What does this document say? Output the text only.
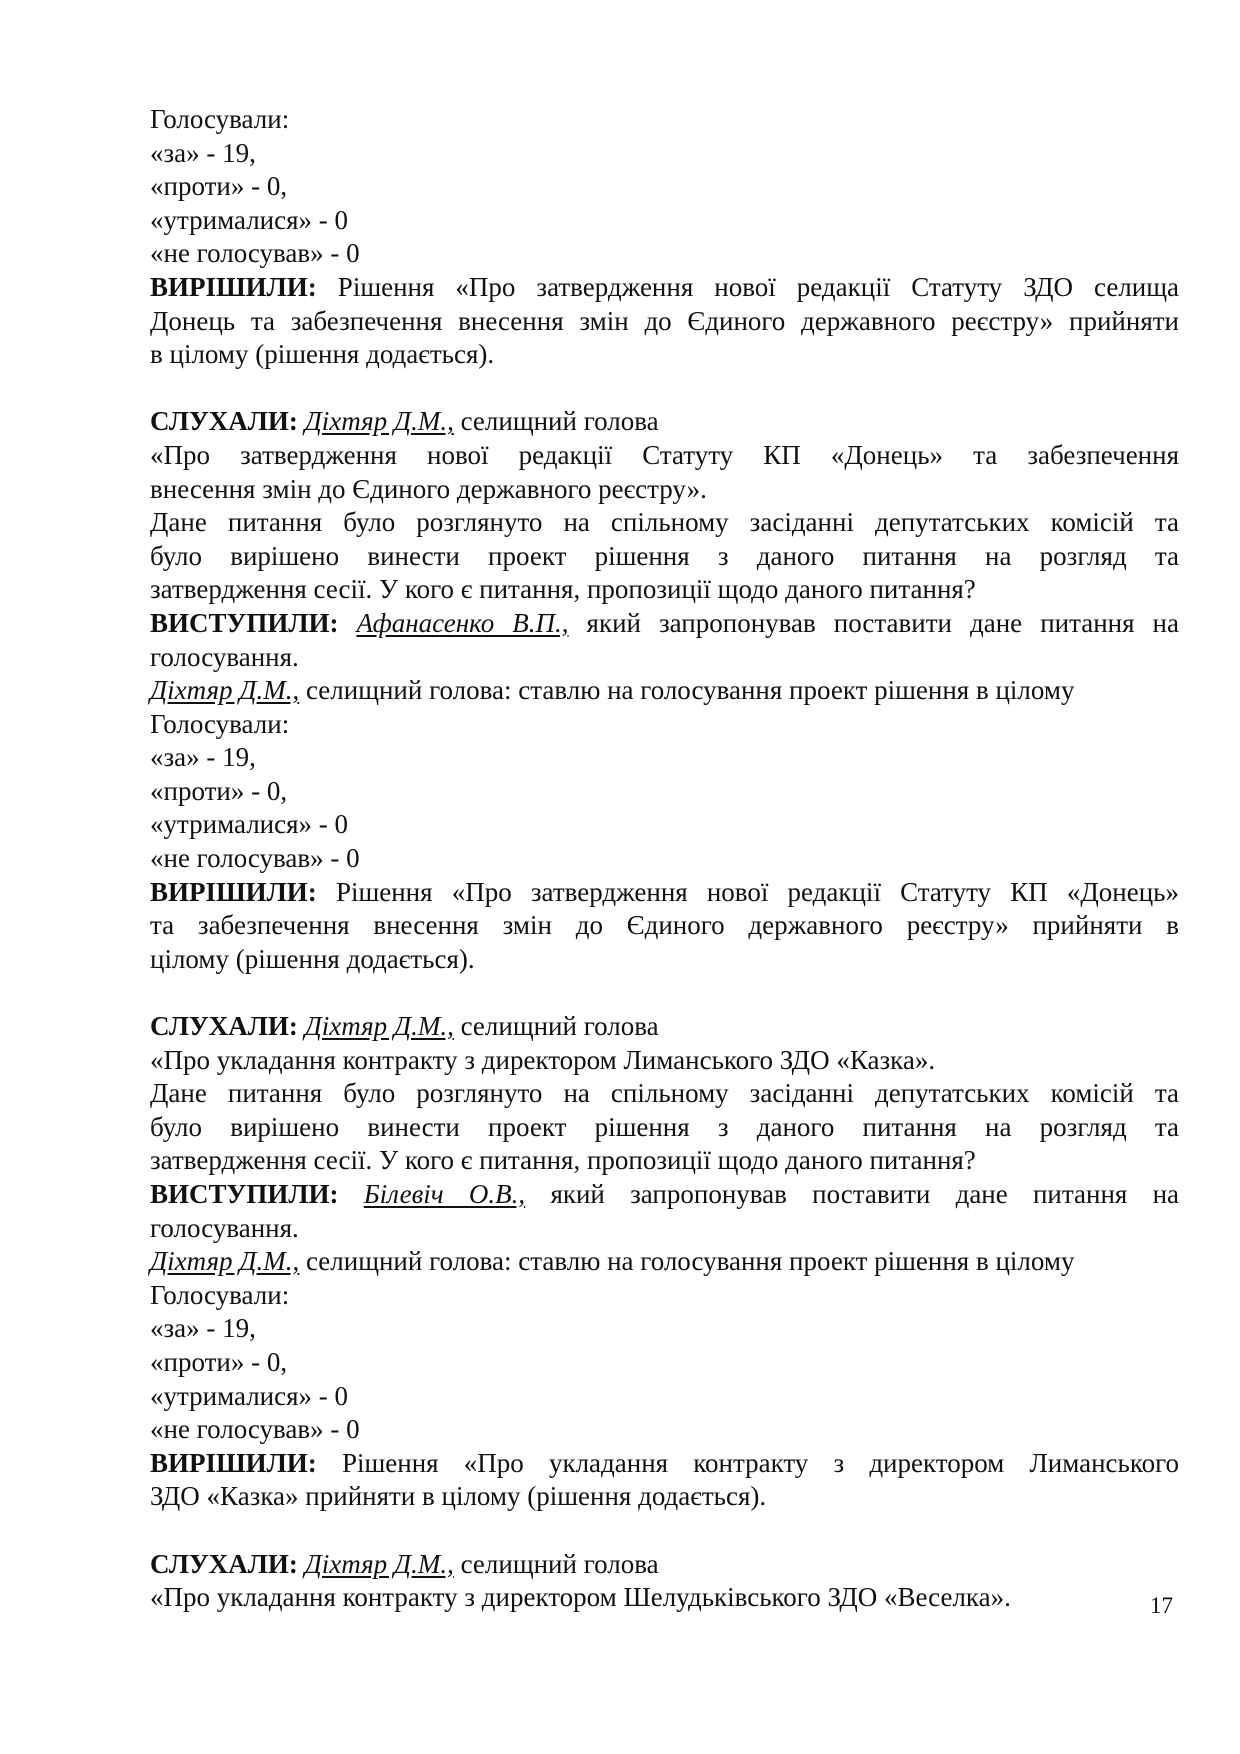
Голосували:
«за» - 19,
«проти» - 0,
«утрималися» - 0
«не голосував» - 0
ВИРІШИЛИ: Рішення «Про затвердження нової редакції Статуту ЗДО селища
Донець та забезпечення внесення змін до Єдиного державного реєстру» прийняти
в цілому (рішення додається).
СЛУХАЛИ: Діхтяр Д.М., селищний голова
«Про затвердження нової редакції Статуту КП «Донець» та забезпечення
внесення змін до Єдиного державного реєстру».
Дане питання було розглянуто на спільному засіданні депутатських комісій та
було вирішено винести проект рішення з даного питання на розгляд та
затвердження сесії. У кого є питання, пропозиції щодо даного питання?
ВИСТУПИЛИ: Афанасенко В.П., який запропонував поставити дане питання на
голосування.
Діхтяр Д.М., селищний голова: ставлю на голосування проект рішення в цілому
Голосували:
«за» - 19,
«проти» - 0,
«утрималися» - 0
«не голосував» - 0
ВИРІШИЛИ: Рішення «Про затвердження нової редакції Статуту КП «Донець»
та забезпечення внесення змін до Єдиного державного реєстру» прийняти в
цілому (рішення додається).
СЛУХАЛИ: Діхтяр Д.М., селищний голова
«Про укладання контракту з директором Лиманського ЗДО «Казка».
Дане питання було розглянуто на спільному засіданні депутатських комісій та
було вирішено винести проект рішення з даного питання на розгляд та
затвердження сесії. У кого є питання, пропозиції щодо даного питання?
ВИСТУПИЛИ: Білевіч О.В., який запропонував поставити дане питання на
голосування.
Діхтяр Д.М., селищний голова: ставлю на голосування проект рішення в цілому
Голосували:
«за» - 19,
«проти» - 0,
«утрималися» - 0
«не голосував» - 0
ВИРІШИЛИ: Рішення «Про укладання контракту з директором Лиманського
ЗДО «Казка» прийняти в цілому (рішення додається).
СЛУХАЛИ: Діхтяр Д.М., селищний голова
«Про укладання контракту з директором Шелудьківського ЗДО «Веселка».	17
